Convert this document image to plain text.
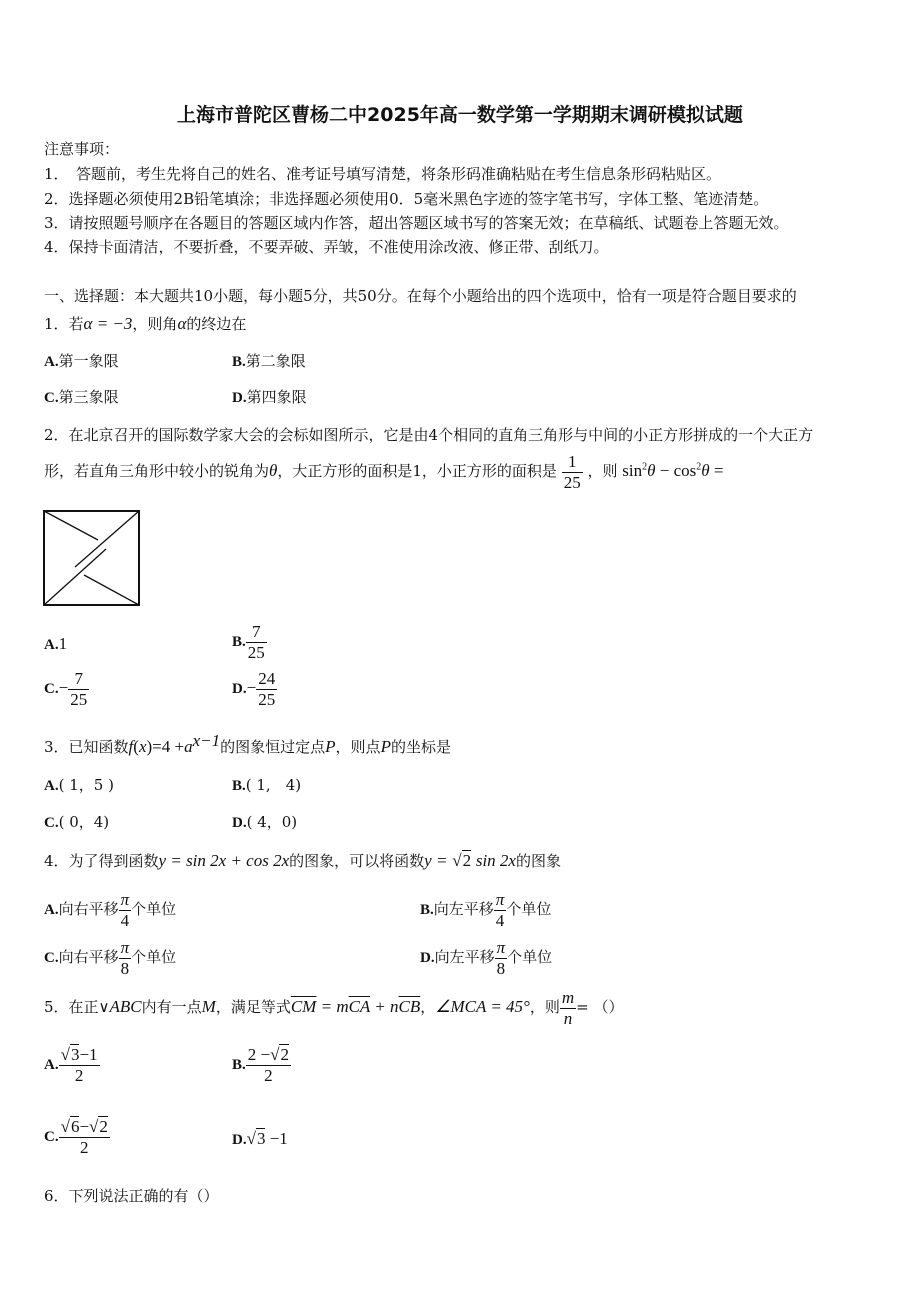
上海市普陀区曹杨二中2025年高一数学第一学期期末调研模拟试题
注意事项：
1．　答题前，考生先将自己的姓名、准考证号填写清楚，将条形码准确粘贴在考生信息条形码粘贴区。
2．选择题必须使用2B铅笔填涂；非选择题必须使用0．5毫米黑色字迹的签字笔书写，字体工整、笔迹清楚。
3．请按照题号顺序在各题目的答题区域内作答，超出答题区域书写的答案无效；在草稿纸、试题卷上答题无效。
4．保持卡面清洁，不要折叠，不要弄破、弄皱，不准使用涂改液、修正带、刮纸刀。
一、选择题：本大题共10小题，每小题5分，共50分。在每个小题给出的四个选项中，恰有一项是符合题目要求的
1．若α = −3，则角α的终边在
A.第一象限	B.第二象限
C.第三象限	D.第四象限
2．在北京召开的国际数学家大会的会标如图所示，它是由4个相同的直角三角形与中间的小正方形拼成的一个大正方
形，若直角三角形中较小的锐角为θ，大正方形的面积是1，小正方形的面积是 $\frac{1}{25}$ ，则 $\sin^2\theta - \cos^2\theta$ =
A.1	B. $\frac{7}{25}$
$C.- \frac{7}{25}$	$D.- \frac{24}{25}$
3．已知函数$f(x)=4 +a^{x-1}$的图象恒过定点P，则点P的坐标是
A.( 1，5 )	B.( 1,　4)
C.( 0，4)	D.( 4，0)
4．为了得到函数y = sin 2x + cos 2x的图象，可以将函数y = √2 sin 2x的图象
A.向右平移 $\frac{\pi}{4}$ 个单位	B.向左平移 $\frac{\pi}{4}$ 个单位
C.向右平移 $\frac{\pi}{8}$ 个单位	D.向左平移 $\frac{\pi}{8}$ 个单位
5．在正∨ABC内有一点M，满足等式$\overline{CM} = m\overline{CA} + n\overline{CB}$，∠MCA = 45°，则 $\frac{m}{n}$ = （）
A. $\frac{√3-1}{2}$	B. $\frac{2 -√2}{2}$
C. $\frac{√6-√2}{2}$	D.√3 −1
6．下列说法正确的有（）
